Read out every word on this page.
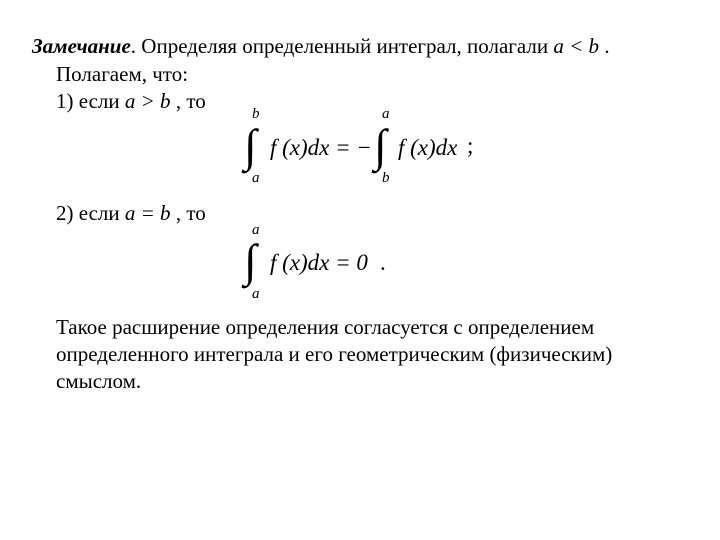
Замечание. Определяя определенный интеграл, полагали a < b .
Полагаем, что:
1) если a > b , то
b
∫
a
f (x)dx = −
a
∫
b
f (x)dx ;
2) если a = b , то
a
∫
a
f (x)dx = 0 .
Такое расширение определения согласуется с определением
определенного интеграла и его геометрическим (физическим)
смыслом.
